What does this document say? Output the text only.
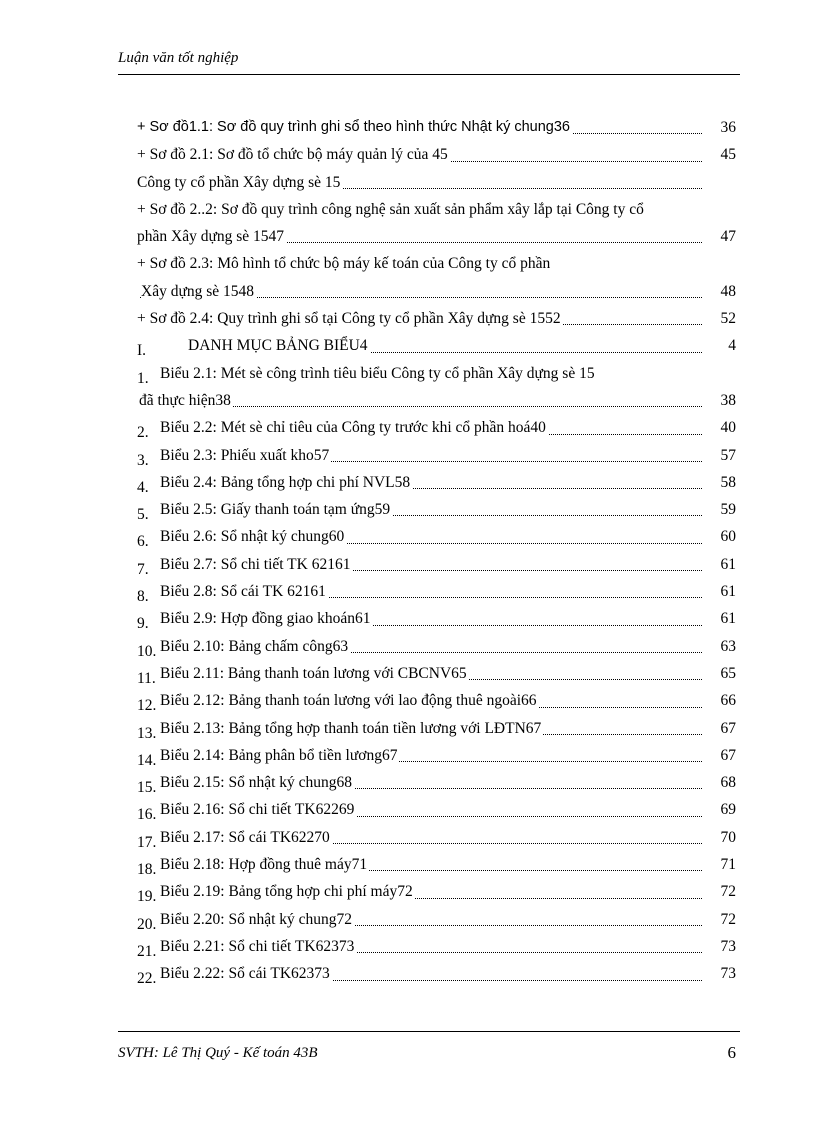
Luận văn tốt nghiệp
+ Sơ đồ1.1: Sơ đồ quy trình ghi sổ theo hình thức Nhật ký chung36	36
+ Sơ đồ 2.1: Sơ đồ tổ chức bộ máy quản lý của 45	45
Công ty cổ phần Xây dựng sè 15
+ Sơ đồ 2..2: Sơ đồ quy trình công nghệ sản xuất sản phẩm xây lắp tại Công ty cổ
phần Xây dựng sè 1547	47
+ Sơ đồ 2.3: Mô hình tổ chức bộ máy kế toán của Công ty cổ phần
Xây dựng sè 1548	48
+ Sơ đồ 2.4: Quy trình ghi sổ tại Công ty cổ phần Xây dựng sè 1552	52
I.	DANH MỤC BẢNG BIỂU4	4
1. Biểu 2.1: Mét sè công trình tiêu biểu Công ty cổ phần Xây dựng sè 15
đã thực hiện38	38
2. Biểu 2.2: Mét sè chỉ tiêu của Công ty trước khi cổ phần hoá40	40
3. Biểu 2.3: Phiếu xuất kho57	57
4. Biểu 2.4: Bảng tổng hợp chi phí NVL58	58
5. Biểu 2.5: Giấy thanh toán tạm ứng59	59
6. Biểu 2.6: Sổ nhật ký chung60	60
7. Biểu 2.7: Sổ chi tiết TK 62161	61
8. Biểu 2.8: Sổ cái TK 62161	61
9. Biểu 2.9: Hợp đồng giao khoán61	61
10. Biểu 2.10: Bảng chấm công63	63
11. Biểu 2.11: Bảng thanh toán lương với CBCNV65	65
12. Biểu 2.12: Bảng thanh toán lương với lao động thuê ngoài66	66
13. Biểu 2.13: Bảng tổng hợp thanh toán tiền lương với LĐTN67	67
14. Biểu 2.14: Bảng phân bổ tiền lương67	67
15. Biểu 2.15: Sổ nhật ký chung68	68
16. Biểu 2.16: Sổ chi tiết TK62269	69
17. Biểu 2.17: Sổ cái TK62270	70
18. Biểu 2.18: Hợp đồng thuê máy71	71
19. Biểu 2.19: Bảng tổng hợp chi phí máy72	72
20. Biểu 2.20: Sổ nhật ký chung72	72
21. Biểu 2.21: Sổ chi tiết TK62373	73
22. Biểu 2.22: Sổ cái TK62373	73
SVTH: Lê Thị Quý - Kế toán 43B	6
